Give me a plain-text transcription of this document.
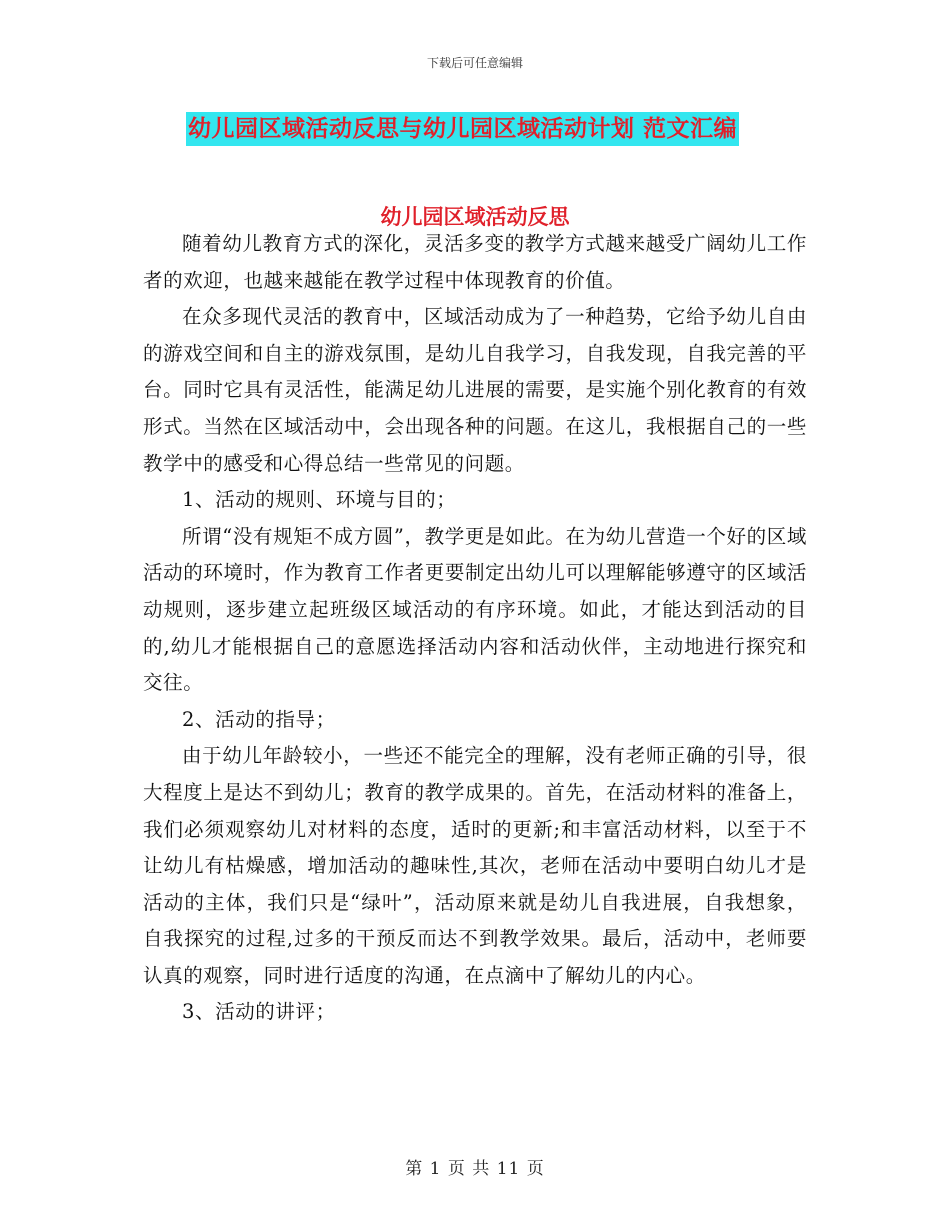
下载后可任意编辑
幼儿园区域活动反思与幼儿园区域活动计划 范文汇编
幼儿园区域活动反思

随着幼儿教育方式的深化，灵活多变的教学方式越来越受广阔幼儿工作者的欢迎，也越来越能在教学过程中体现教育的价值。

在众多现代灵活的教育中，区域活动成为了一种趋势，它给予幼儿自由的游戏空间和自主的游戏氛围，是幼儿自我学习，自我发现，自我完善的平台。同时它具有灵活性，能满足幼儿进展的需要，是实施个别化教育的有效形式。当然在区域活动中，会出现各种的问题。在这儿，我根据自己的一些教学中的感受和心得总结一些常见的问题。

1、活动的规则、环境与目的；

所谓“没有规矩不成方圆”，教学更是如此。在为幼儿营造一个好的区域活动的环境时，作为教育工作者更要制定出幼儿可以理解能够遵守的区域活动规则，逐步建立起班级区域活动的有序环境。如此，才能达到活动的目的,幼儿才能根据自己的意愿选择活动内容和活动伙伴，主动地进行探究和交往。

2、活动的指导；

由于幼儿年龄较小，一些还不能完全的理解，没有老师正确的引导，很大程度上是达不到幼儿；教育的教学成果的。首先，在活动材料的准备上，我们必须观察幼儿对材料的态度，适时的更新;和丰富活动材料，以至于不让幼儿有枯燥感，增加活动的趣味性,其次，老师在活动中要明白幼儿才是活动的主体，我们只是“绿叶”，活动原来就是幼儿自我进展，自我想象，自我探究的过程,过多的干预反而达不到教学效果。最后，活动中，老师要认真的观察，同时进行适度的沟通，在点滴中了解幼儿的内心。

3、活动的讲评；

第 1 页 共 11 页
